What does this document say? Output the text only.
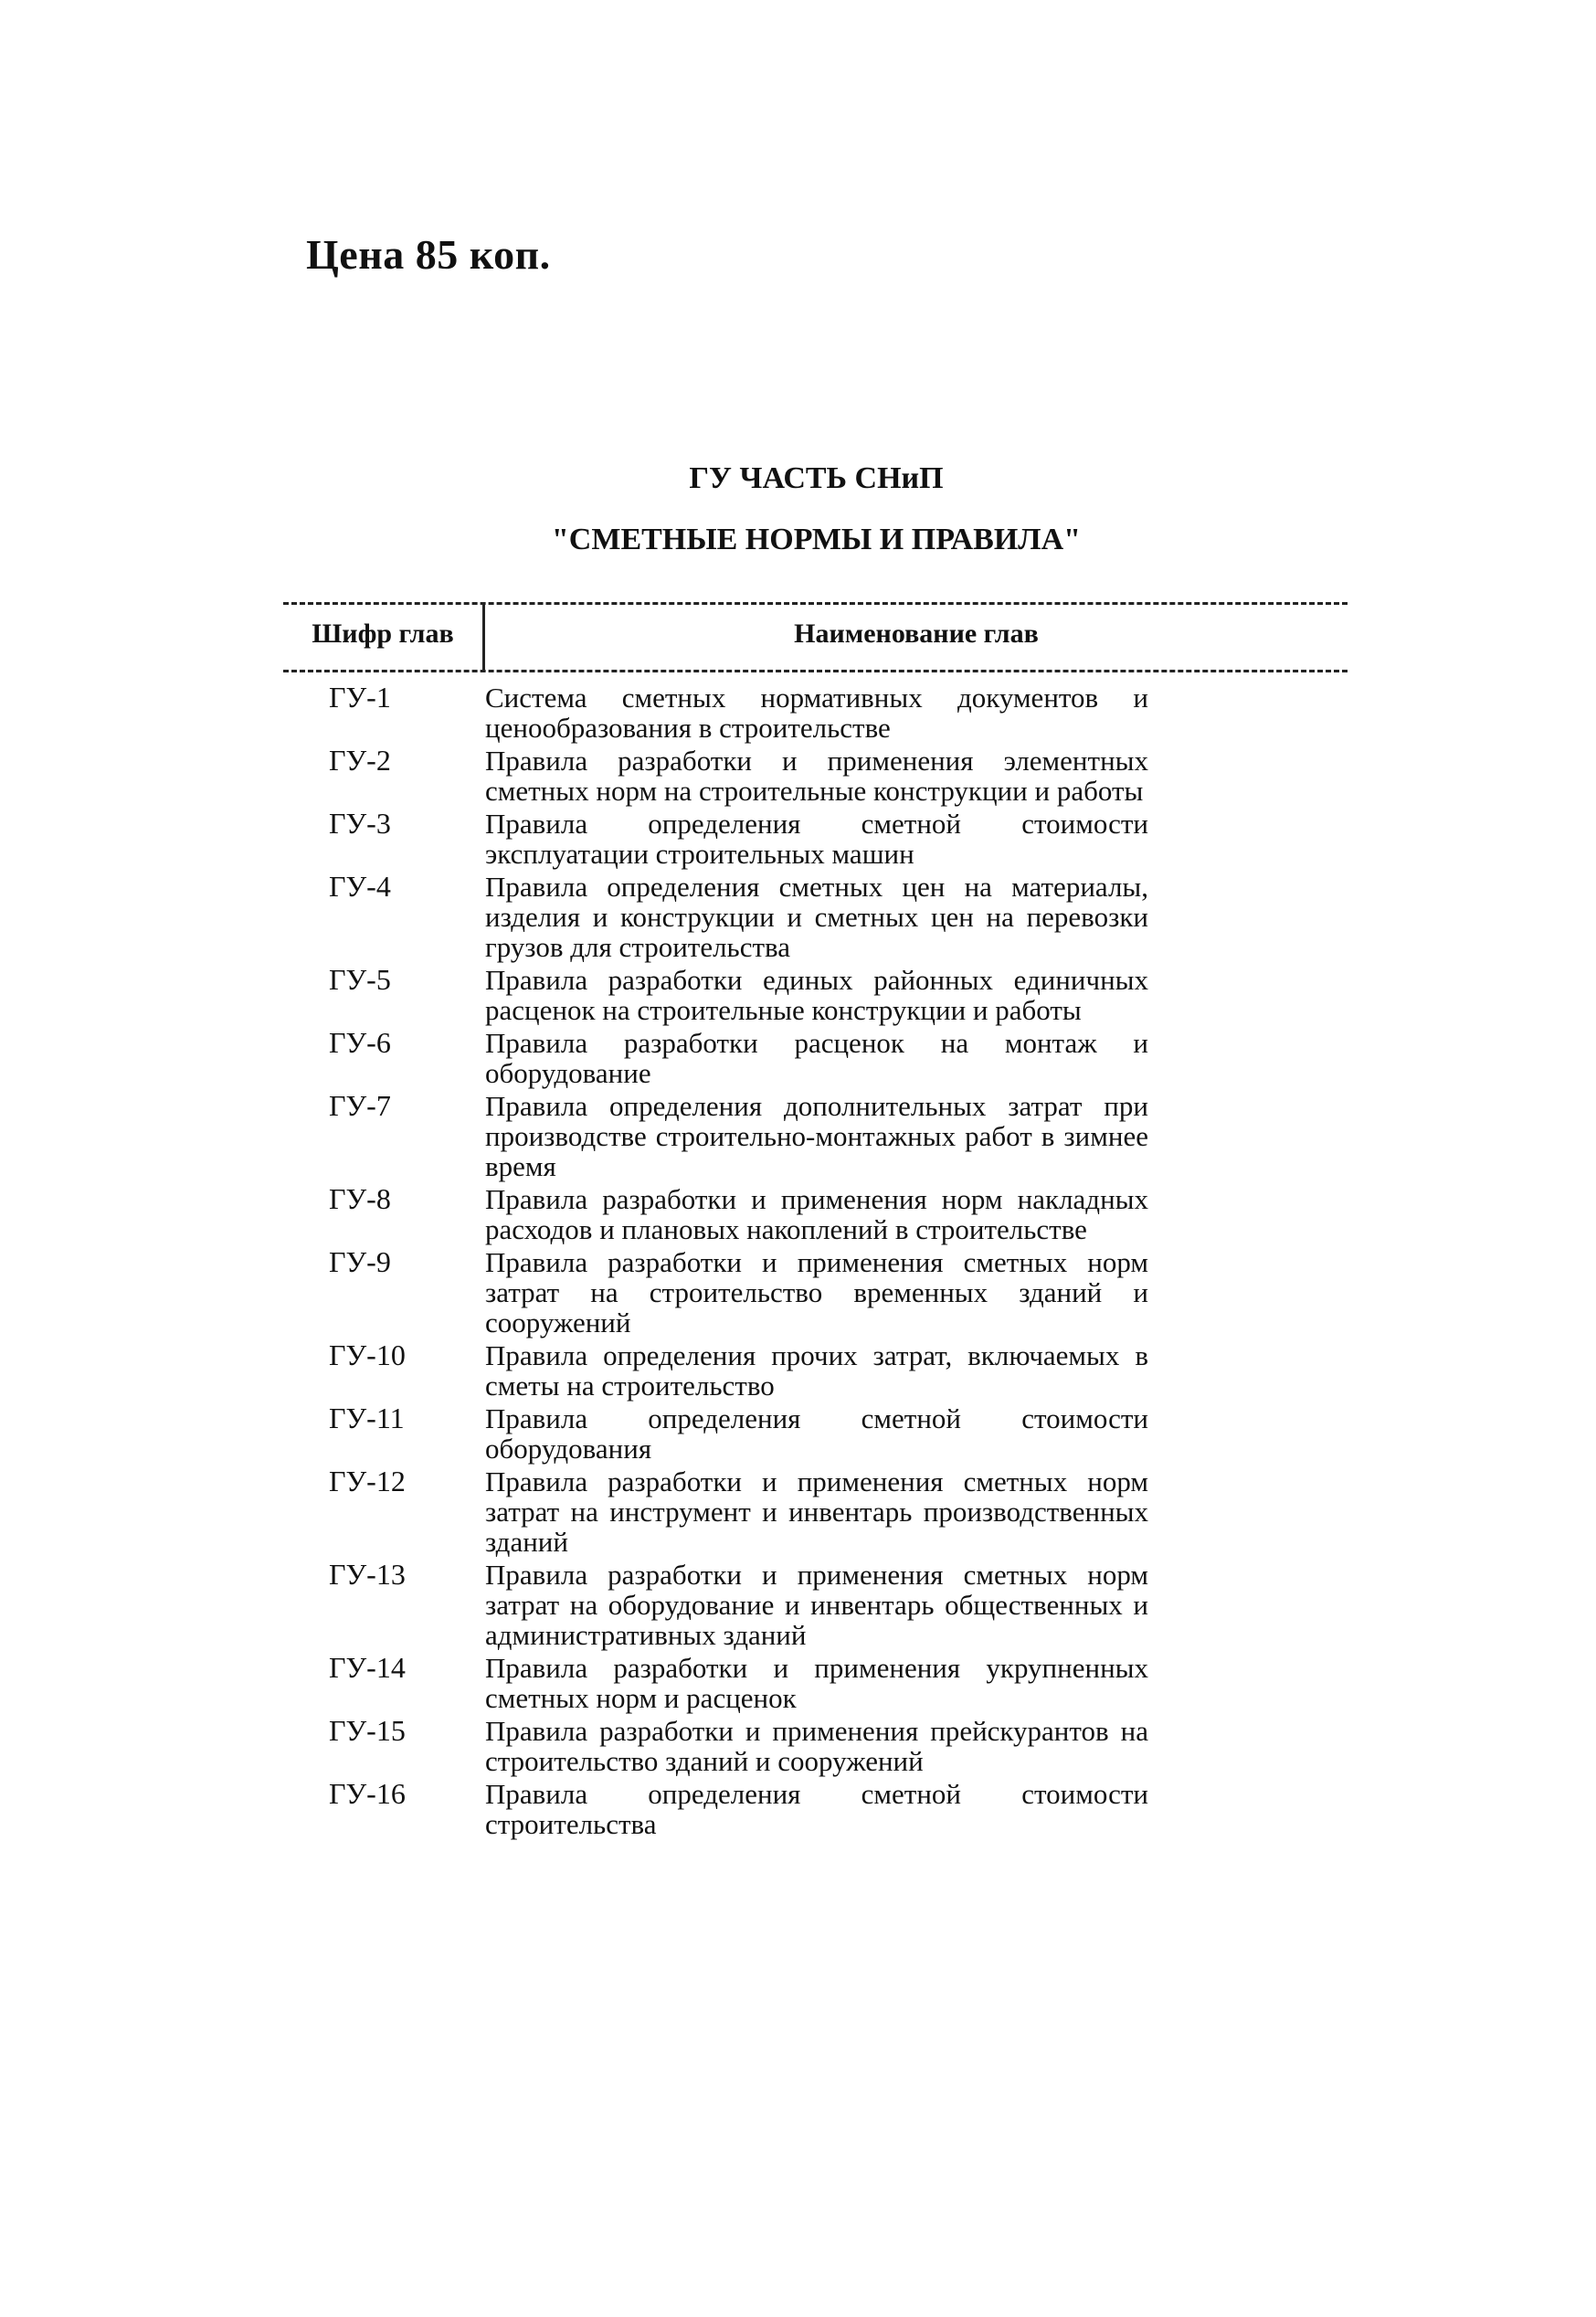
Цена 85 коп.
ГУ ЧАСТЬ СНиП
"СМЕТНЫЕ НОРМЫ И ПРАВИЛА"
Шифр глав	Наименование глав
ГУ-1	Система сметных нормативных документов и ценообразования в строительстве
ГУ-2	Правила разработки и применения элементных сметных норм на строительные конструкции и работы
ГУ-3	Правила определения сметной стоимости эксплуатации строительных машин
ГУ-4	Правила определения сметных цен на материалы, изделия и конструкции и сметных цен на перевозки грузов для строительства
ГУ-5	Правила разработки единых районных единичных расценок на строительные конструкции и работы
ГУ-6	Правила разработки расценок на монтаж и оборудование
ГУ-7	Правила определения дополнительных затрат при производстве строительно-монтажных работ в зимнее время
ГУ-8	Правила разработки и применения норм накладных расходов и плановых накоплений в строительстве
ГУ-9	Правила разработки и применения сметных норм затрат на строительство временных зданий и сооружений
ГУ-10	Правила определения прочих затрат, включаемых в сметы на строительство
ГУ-11	Правила определения сметной стоимости оборудования
ГУ-12	Правила разработки и применения сметных норм затрат на инструмент и инвентарь производственных зданий
ГУ-13	Правила разработки и применения сметных норм затрат на оборудование и инвентарь общественных и административных зданий
ГУ-14	Правила разработки и применения укрупненных сметных норм и расценок
ГУ-15	Правила разработки и применения прейскурантов на строительство зданий и сооружений
ГУ-16	Правила определения сметной стоимости строительства
